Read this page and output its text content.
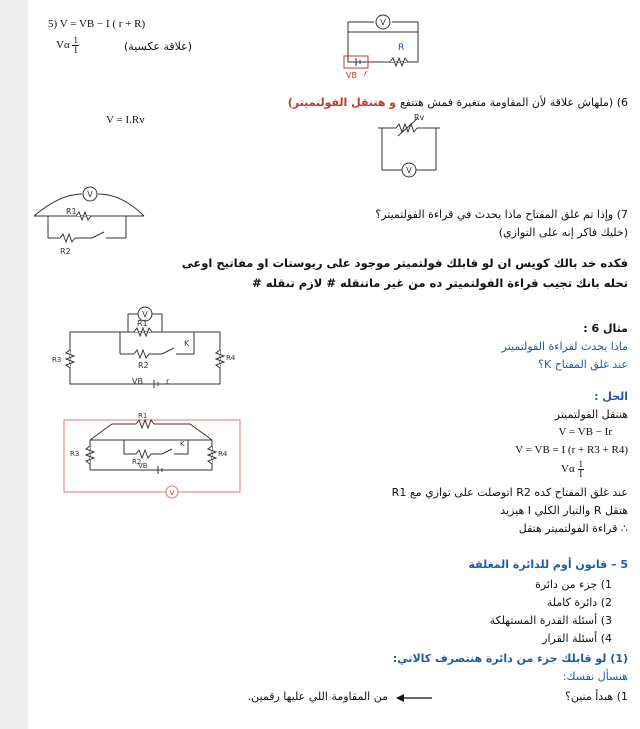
5) V = VB − I ( r + R)
Vα $\frac{1}{I}$	(علاقة عكسية)
V
R
VB r
6) (ملهاش علاقة لأن المقاومة متغيرة فمش هتتفع و هتنقل الفولتميتر)
V = I.Rv	Rv
V
V
R1
R2
7) وإذا تم غلق المفتاح ماذا يحدث في قراءة الفولتميتر؟
(خليك فاكر إنه على التوازي)
فكده خد بالك كويس ان لو قابلك فولتميتر موجود على ريوستات او مفاتيح اوعى
تحله بانك تجيب قراءة الفولتميتر ده من غير ماتنقله # لازم تنقله #
V
R1
R2
R3	R4
K
VB	r
مثال 6 :
ماذا يحدث لقراءة الفولتميتر
عند غلق المفتاح K؟
V
R1
R2
R3	R4
K
VB
الحل :
هننقل الفولتميتر
V = VB − Ir
V = VB = I (r + R3 + R4)
Vα $\frac{1}{I}$
عند غلق المفتاح كده R2 اتوصلت على توازي مع R1
هتقل R والتيار الكلي I هيزيد
∴ قراءة الفولتميتر هتقل
5 – قانون أوم للدائرة المغلقة
1) جزء من دائرة
2) دائرة كاملة
3) أسئلة القدرة المستهلكة
4) أسئلة القرار
(1) لو قابلك جزء من دائرة هنتصرف كالاتي:
هنسأل نفسك:
1) هبدأ منين؟
من المقاومة اللي عليها رقمين.
